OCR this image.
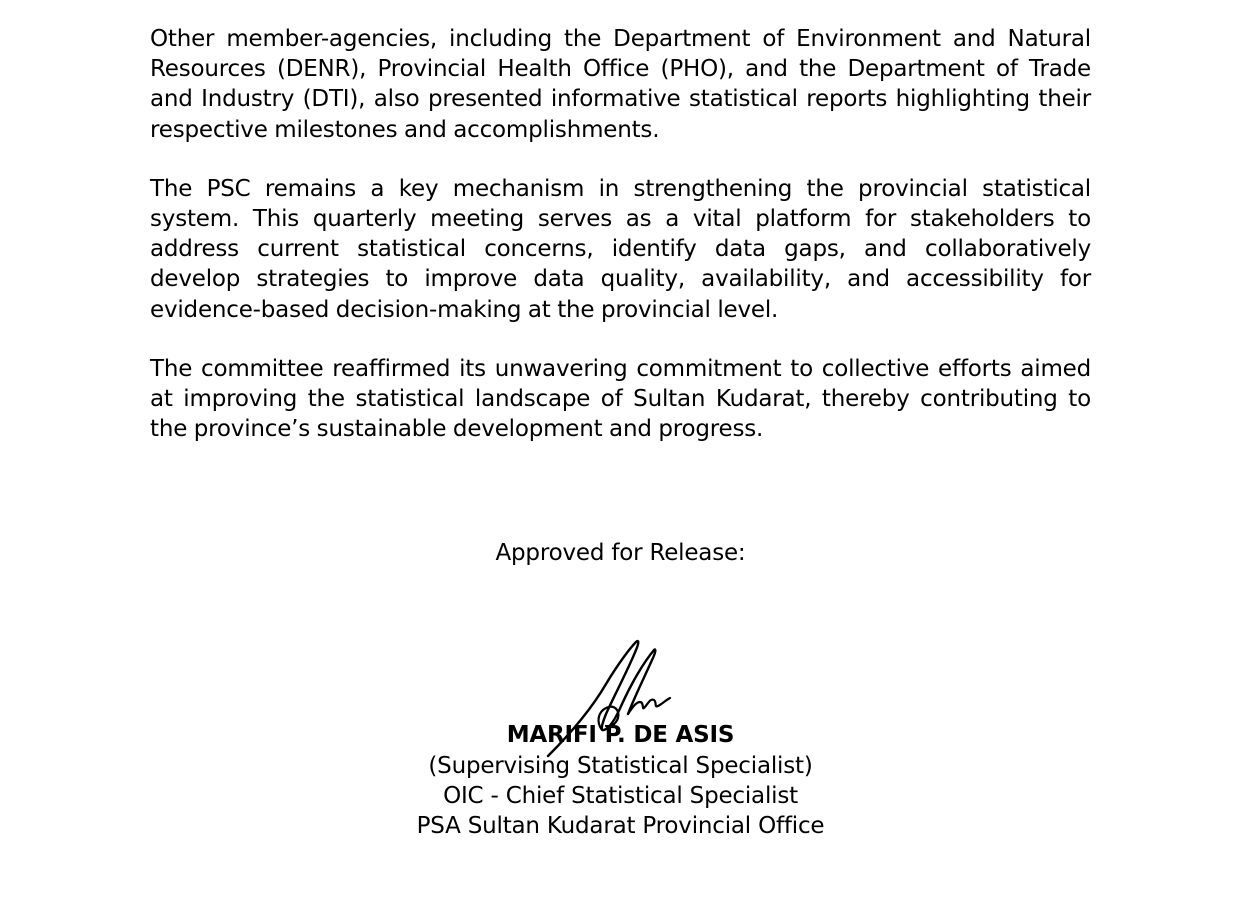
Other member-agencies, including the Department of Environment and Natural Resources (DENR), Provincial Health Office (PHO), and the Department of Trade and Industry (DTI), also presented informative statistical reports highlighting their respective milestones and accomplishments.

The PSC remains a key mechanism in strengthening the provincial statistical system. This quarterly meeting serves as a vital platform for stakeholders to address current statistical concerns, identify data gaps, and collaboratively develop strategies to improve data quality, availability, and accessibility for evidence-based decision-making at the provincial level.

The committee reaffirmed its unwavering commitment to collective efforts aimed at improving the statistical landscape of Sultan Kudarat, thereby contributing to the province’s sustainable development and progress.

Approved for Release:
MARIFI P. DE ASIS
(Supervising Statistical Specialist)
OIC - Chief Statistical Specialist
PSA Sultan Kudarat Provincial Office
